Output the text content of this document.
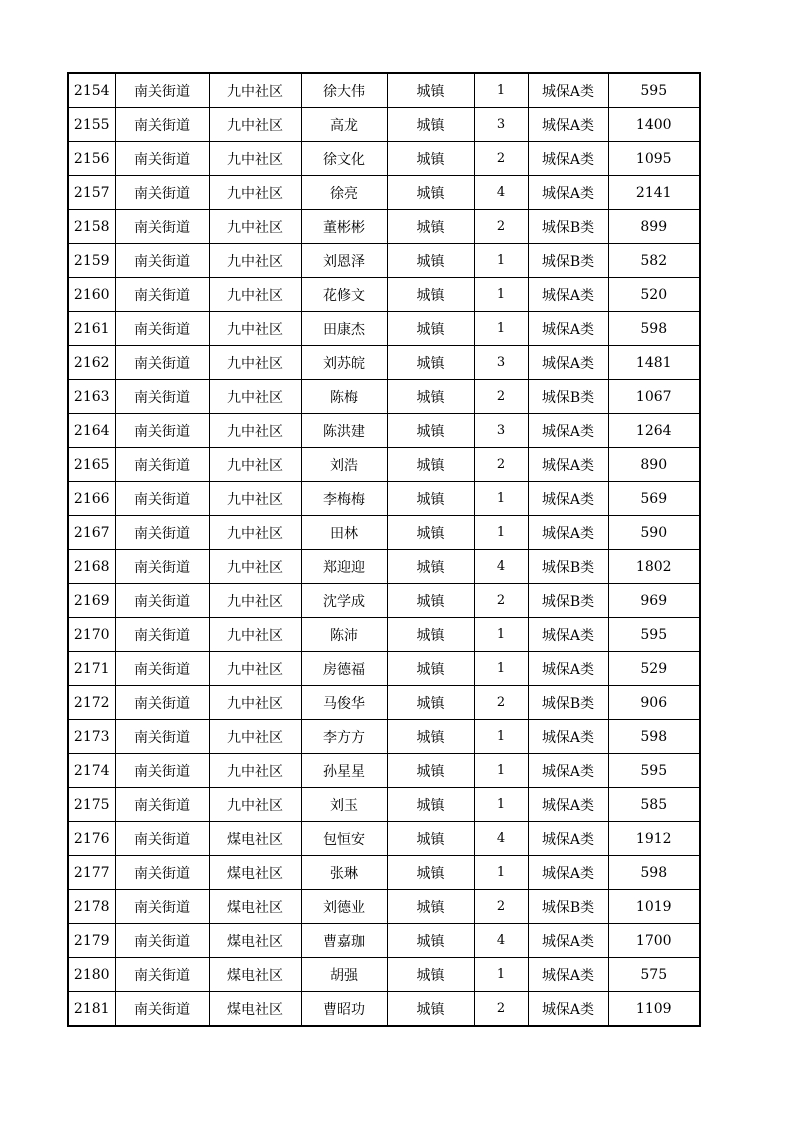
2154	南关街道	九中社区	徐大伟	城镇	1	城保A类	595
2155	南关街道	九中社区	高龙	城镇	3	城保A类	1400
2156	南关街道	九中社区	徐文化	城镇	2	城保A类	1095
2157	南关街道	九中社区	徐亮	城镇	4	城保A类	2141
2158	南关街道	九中社区	董彬彬	城镇	2	城保B类	899
2159	南关街道	九中社区	刘恩泽	城镇	1	城保B类	582
2160	南关街道	九中社区	花修文	城镇	1	城保A类	520
2161	南关街道	九中社区	田康杰	城镇	1	城保A类	598
2162	南关街道	九中社区	刘苏皖	城镇	3	城保A类	1481
2163	南关街道	九中社区	陈梅	城镇	2	城保B类	1067
2164	南关街道	九中社区	陈洪建	城镇	3	城保A类	1264
2165	南关街道	九中社区	刘浩	城镇	2	城保A类	890
2166	南关街道	九中社区	李梅梅	城镇	1	城保A类	569
2167	南关街道	九中社区	田林	城镇	1	城保A类	590
2168	南关街道	九中社区	郑迎迎	城镇	4	城保B类	1802
2169	南关街道	九中社区	沈学成	城镇	2	城保B类	969
2170	南关街道	九中社区	陈沛	城镇	1	城保A类	595
2171	南关街道	九中社区	房德福	城镇	1	城保A类	529
2172	南关街道	九中社区	马俊华	城镇	2	城保B类	906
2173	南关街道	九中社区	李方方	城镇	1	城保A类	598
2174	南关街道	九中社区	孙星星	城镇	1	城保A类	595
2175	南关街道	九中社区	刘玉	城镇	1	城保A类	585
2176	南关街道	煤电社区	包恒安	城镇	4	城保A类	1912
2177	南关街道	煤电社区	张琳	城镇	1	城保A类	598
2178	南关街道	煤电社区	刘德业	城镇	2	城保B类	1019
2179	南关街道	煤电社区	曹嘉珈	城镇	4	城保A类	1700
2180	南关街道	煤电社区	胡强	城镇	1	城保A类	575
2181	南关街道	煤电社区	曹昭功	城镇	2	城保A类	1109
